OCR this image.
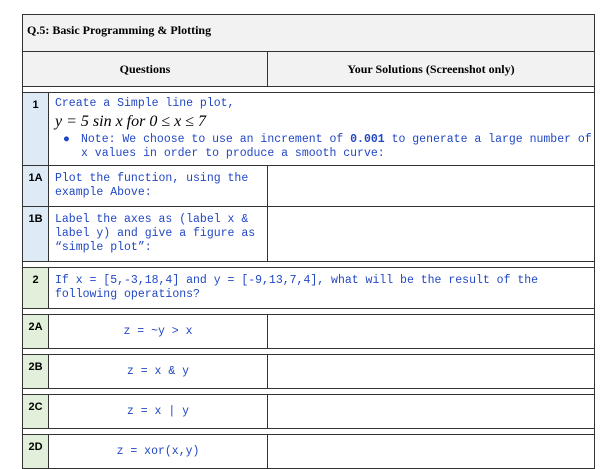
Q.5: Basic Programming & Plotting		
Questions		Your Solutions (Screenshot only)

1	Create a Simple line plot,
y = 5 sin x for 0 ≤ x ≤ 7
● Note: We choose to use an increment of 0.001 to generate a large number of x values in order to produce a smooth curve:	

1A	Plot the function, using the example Above:	
1B	Label the axes as (label x & label y) and give a figure as “simple plot”:	

2	If x = [5,-3,18,4] and y = [-9,13,7,4], what will be the result of the following operations?	

2A	z = ~y > x	

2B	z = x & y	

2C	z = x | y	

2D	z = xor(x,y)	
